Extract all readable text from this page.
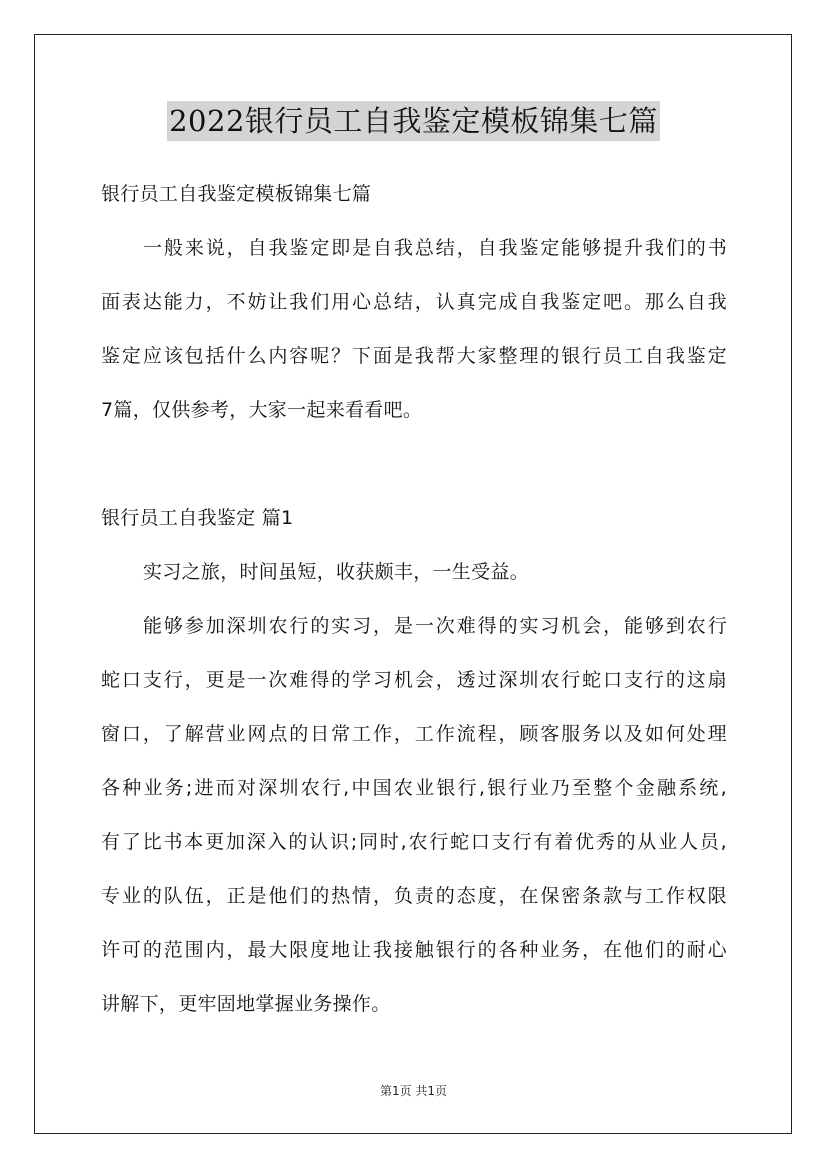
2022银行员工自我鉴定模板锦集七篇
银行员工自我鉴定模板锦集七篇
一般来说，自我鉴定即是自我总结，自我鉴定能够提升我们的书
面表达能力，不妨让我们用心总结，认真完成自我鉴定吧。那么自我
鉴定应该包括什么内容呢？下面是我帮大家整理的银行员工自我鉴定
7篇，仅供参考，大家一起来看看吧。
银行员工自我鉴定 篇1
实习之旅，时间虽短，收获颇丰，一生受益。
能够参加深圳农行的实习，是一次难得的实习机会，能够到农行
蛇口支行，更是一次难得的学习机会，透过深圳农行蛇口支行的这扇
窗口，了解营业网点的日常工作，工作流程，顾客服务以及如何处理
各种业务;进而对深圳农行,中国农业银行,银行业乃至整个金融系统,
有了比书本更加深入的认识;同时,农行蛇口支行有着优秀的从业人员,
专业的队伍，正是他们的热情，负责的态度，在保密条款与工作权限
许可的范围内，最大限度地让我接触银行的各种业务，在他们的耐心
讲解下，更牢固地掌握业务操作。
第1页 共1页
